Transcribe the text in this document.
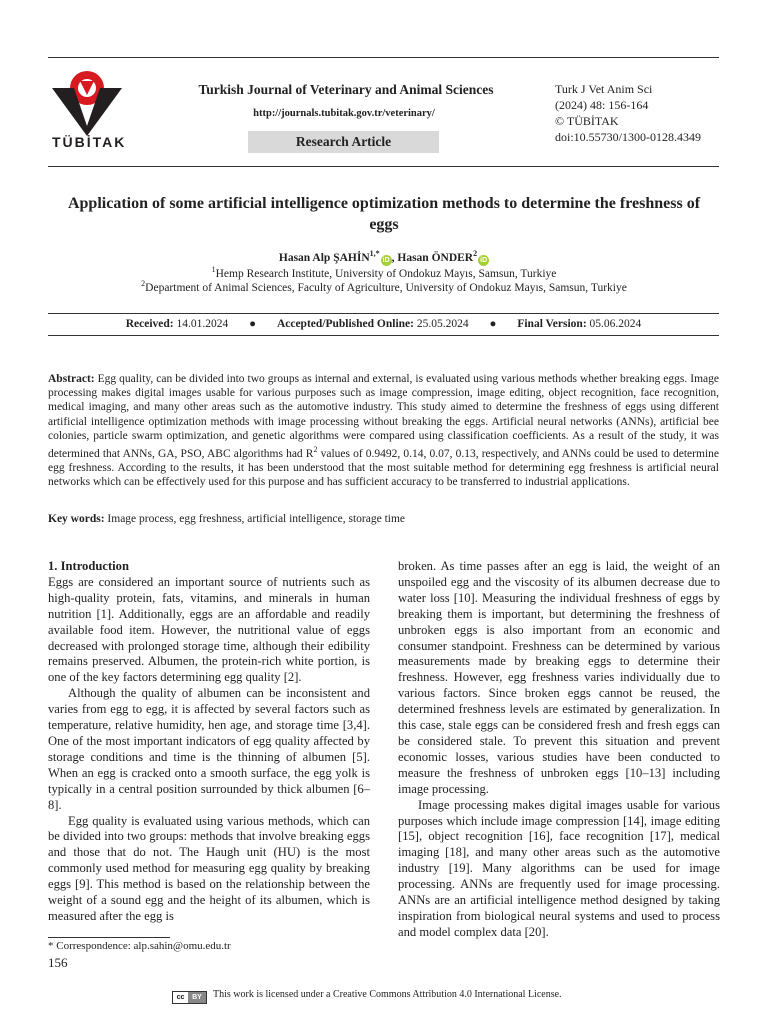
TÜBİTAK
Turkish Journal of Veterinary and Animal Sciences
http://journals.tubitak.gov.tr/veterinary/
Research Article
Turk J Vet Anim Sci
(2024) 48: 156-164
© TÜBİTAK
doi:10.55730/1300-0128.4349
Application of some artificial intelligence optimization methods to determine the freshness of eggs
Hasan Alp $ŞAHİN^{1,*}iD$ , Hasan ÖNDER$^2$iD
$^1$Hemp Research Institute, University of Ondokuz Mayıs, Samsun, Turkiye
$^2$Department of Animal Sciences, Faculty of Agriculture, University of Ondokuz Mayıs, Samsun, Turkiye
Received: 14.01.2024 ● Accepted/Published Online: 25.05.2024 ● Final Version: 05.06.2024
Abstract: Egg quality, can be divided into two groups as internal and external, is evaluated using various methods whether breaking eggs. Image processing makes digital images usable for various purposes such as image compression, image editing, object recognition, face recognition, medical imaging, and many other areas such as the automotive industry. This study aimed to determine the freshness of eggs using different artificial intelligence optimization methods with image processing without breaking the eggs. Artificial neural networks (ANNs), artificial bee colonies, particle swarm optimization, and genetic algorithms were compared using classification coefficients. As a result of the study, it was determined that ANNs, GA, PSO, ABC algorithms had $R^2$ values of 0.9492, 0.14, 0.07, 0.13, respectively, and ANNs could be used to determine egg freshness. According to the results, it has been understood that the most suitable method for determining egg freshness is artificial neural networks which can be effectively used for this purpose and has sufficient accuracy to be transferred to industrial applications.
Key words: Image process, egg freshness, artificial intelligence, storage time
1. Introduction

Eggs are considered an important source of nutrients such as high-quality protein, fats, vitamins, and minerals in human nutrition [1]. Additionally, eggs are an affordable and readily available food item. However, the nutritional value of eggs decreased with prolonged storage time, although their edibility remains preserved. Albumen, the protein-rich white portion, is one of the key factors determining egg quality [2].

Although the quality of albumen can be inconsistent and varies from egg to egg, it is affected by several factors such as temperature, relative humidity, hen age, and storage time [3,4]. One of the most important indicators of egg quality affected by storage conditions and time is the thinning of albumen [5]. When an egg is cracked onto a smooth surface, the egg yolk is typically in a central position surrounded by thick albumen [6–8].

Egg quality is evaluated using various methods, which can be divided into two groups: methods that involve breaking eggs and those that do not. The Haugh unit (HU) is the most commonly used method for measuring egg quality by breaking eggs [9]. This method is based on the relationship between the weight of a sound egg and the height of its albumen, which is measured after the egg is

broken. As time passes after an egg is laid, the weight of an unspoiled egg and the viscosity of its albumen decrease due to water loss [10]. Measuring the individual freshness of eggs by breaking them is important, but determining the freshness of unbroken eggs is also important from an economic and consumer standpoint. Freshness can be determined by various measurements made by breaking eggs to determine their freshness. However, egg freshness varies individually due to various factors. Since broken eggs cannot be reused, the determined freshness levels are estimated by generalization. In this case, stale eggs can be considered fresh and fresh eggs can be considered stale. To prevent this situation and prevent economic losses, various studies have been conducted to measure the freshness of unbroken eggs [10–13] including image processing.

Image processing makes digital images usable for various purposes which include image compression [14], image editing [15], object recognition [16], face recognition [17], medical imaging [18], and many other areas such as the automotive industry [19]. Many algorithms can be used for image processing. ANNs are frequently used for image processing. ANNs are an artificial intelligence method designed by taking inspiration from biological neural systems and used to process and model complex data [20].

* Correspondence: alp.sahin@omu.edu.tr
156
cc BY This work is licensed under a Creative Commons Attribution 4.0 International License.
